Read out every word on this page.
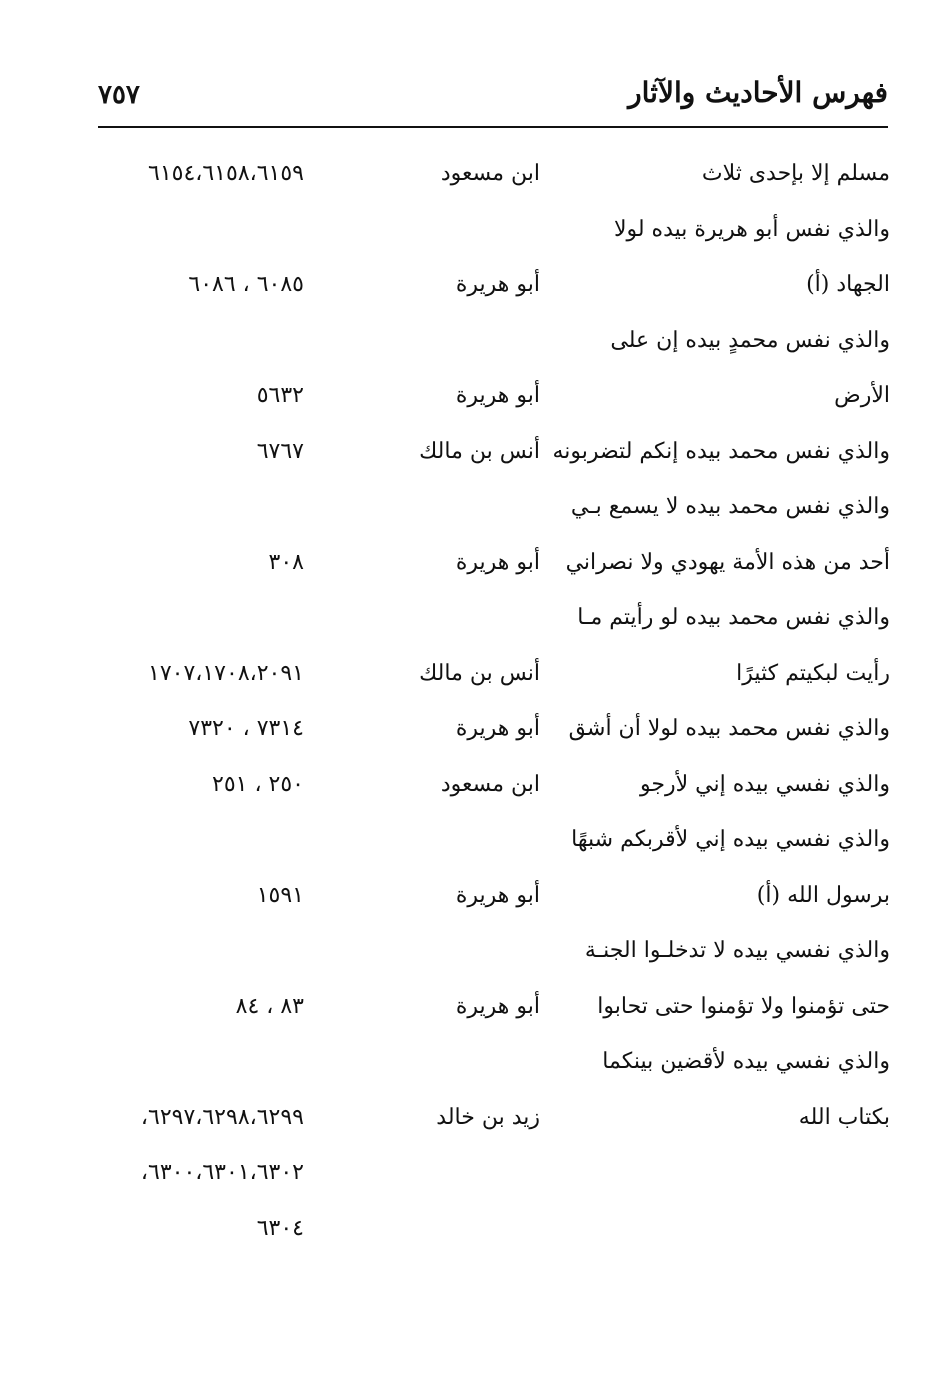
فهرس الأحاديث والآثار
٧٥٧
مسلم إلا بإحدى ثلاث
ابن مسعود
٦١٥٤،٦١٥٨،٦١٥٩
والذي نفس أبو هريرة بيده لولا
الجهاد (أ)
أبو هريرة
٦٠٨٥ ، ٦٠٨٦
والذي نفس محمدٍ بيده إن على
الأرض
أبو هريرة
٥٦٣٢
والذي نفس محمد بيده إنكم لتضربونه
أنس بن مالك
٦٧٦٧
والذي نفس محمد بيده لا يسمع بـي
أحد من هذه الأمة يهودي ولا نصراني
أبو هريرة
٣٠٨
والذي نفس محمد بيده لو رأيتم مـا
رأيت لبكيتم كثيرًا
أنس بن مالك
١٧٠٧،١٧٠٨،٢٠٩١
والذي نفس محمد بيده لولا أن أشق
أبو هريرة
٧٣١٤ ، ٧٣٢٠
والذي نفسي بيده إني لأرجو
ابن مسعود
٢٥٠ ، ٢٥١
والذي نفسي بيده إني لأقربكم شبهًا
برسول الله (أ)
أبو هريرة
١٥٩١
والذي نفسي بيده لا تدخلـوا الجنـة
حتى تؤمنوا ولا تؤمنوا حتى تحابوا
أبو هريرة
٨٣ ، ٨٤
والذي نفسي بيده لأقضين بينكما
بكتاب الله
زيد بن خالد
٦٢٩٧،٦٢٩٨،٦٢٩٩،
٦٣٠٠،٦٣٠١،٦٣٠٢،
٦٣٠٤
